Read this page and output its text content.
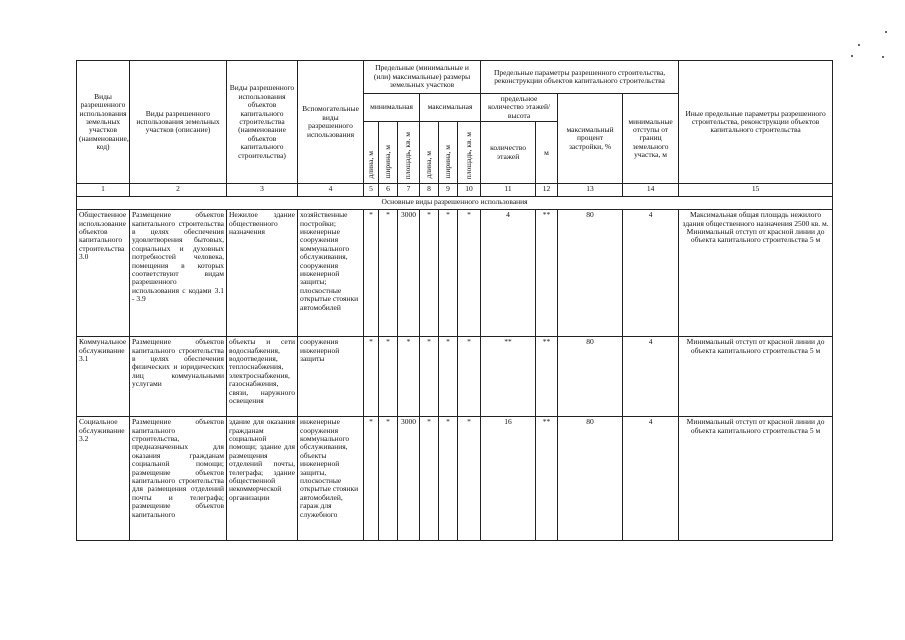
Виды разрешенного использования земельных участков (наименование, код)	Виды разрешенного использования земельных участков (описание)	Виды разрешенного использования объектов капитального строительства (наименование объектов капитального строительства)	Вспомогательные виды разрешенного использования	Предельные (минимальные и (или) максимальные) размеры земельных участков						Предельные параметры разрешенного строительства, реконструкции объектов капитального строительства				Иные предельные параметры разрешенного строительства, реконструкции объектов капитального строительства
				минимальная			максимальная			предельное количество этажей/высота		максимальный процент застройки, %	минимальные отступы от границ земельного участка, м	
				длина, м	ширина, м	площадь, кв. м	длина, м	ширина, м	площадь, кв. м	количество этажей	м			
1	2	3	4	5	6	7	8	9	10	11	12	13	14	15
Основные виды разрешенного использования														
Общественное использование объектов капитального строительства 3.0	Размещение объектов капитального строительства в целях обеспечения удовлетворения бытовых, социальных и духовных потребностей человека, помещения в которых соответствуют видам разрешенного использования с кодами 3.1 - 3.9	Нежилое здание общественного назначения	хозяйственные постройки; инженерные сооружения коммунального обслуживания, сооружения инженерной защиты; плоскостные открытые стоянки автомобилей	*	*	3000	*	*	*	4	**	80	4	Максимальная общая площадь нежилого здания общественного назначения 2500 кв. м. Минимальный отступ от красной линии до объекта капитального строительства 5 м
Коммунальное обслуживание 3.1	Размещение объектов капитального строительства в целях обеспечения физических и юридических лиц коммунальными услугами	объекты и сети водоснабжения, водоотведения, теплоснабжения, электроснабжения, газоснабжения, связи, наружного освещения	сооружения инженерной защиты	*	*	*	*	*	*	**	**	80	4	Минимальный отступ от красной линии до объекта капитального строительства 5 м
Социальное обслуживание 3.2	Размещение объектов капитального строительства, предназначенных для оказания гражданам социальной помощи; размещение объектов капитального строительства для размещения отделений почты и телеграфа; размещение объектов капитального	здание для оказания гражданам социальной помощи; здание для размещения отделений почты, телеграфа; здание общественной некоммерческой организации	инженерные сооружения коммунального обслуживания, объекты инженерной защиты, плоскостные открытые стоянки автомобилей, гараж для служебного	*	*	3000	*	*	*	16	**	80	4	Минимальный отступ от красной линии до объекта капитального строительства 5 м
